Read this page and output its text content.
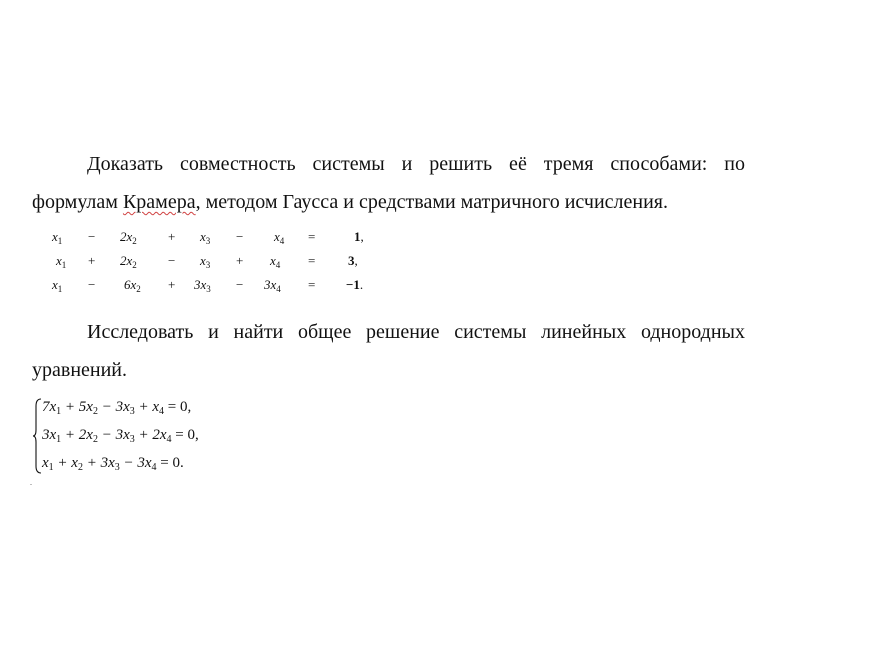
Доказать совместность системы и решить её тремя способами: по
формулам Крамера, методом Гаусса и средствами матричного исчисления.
$x_1 - 2x_2 + x_3 - x_4$ =	1,
$x_1 + 2x_2 - x_3 + x_4$ =	3,
$x_1 - 6x_2 + 3x_3 - 3x_4 = -1$.
Исследовать и найти общее решение системы линейных однородных
уравнений.
$7x_1 + 5x_2 - 3x_3 + x_4 = 0$,
$3x_1 + 2x_2 - 3x_3 + 2x_4 = 0$,
$x_1 + x_2 + 3x_3 - 3x_4 = 0$.
.
